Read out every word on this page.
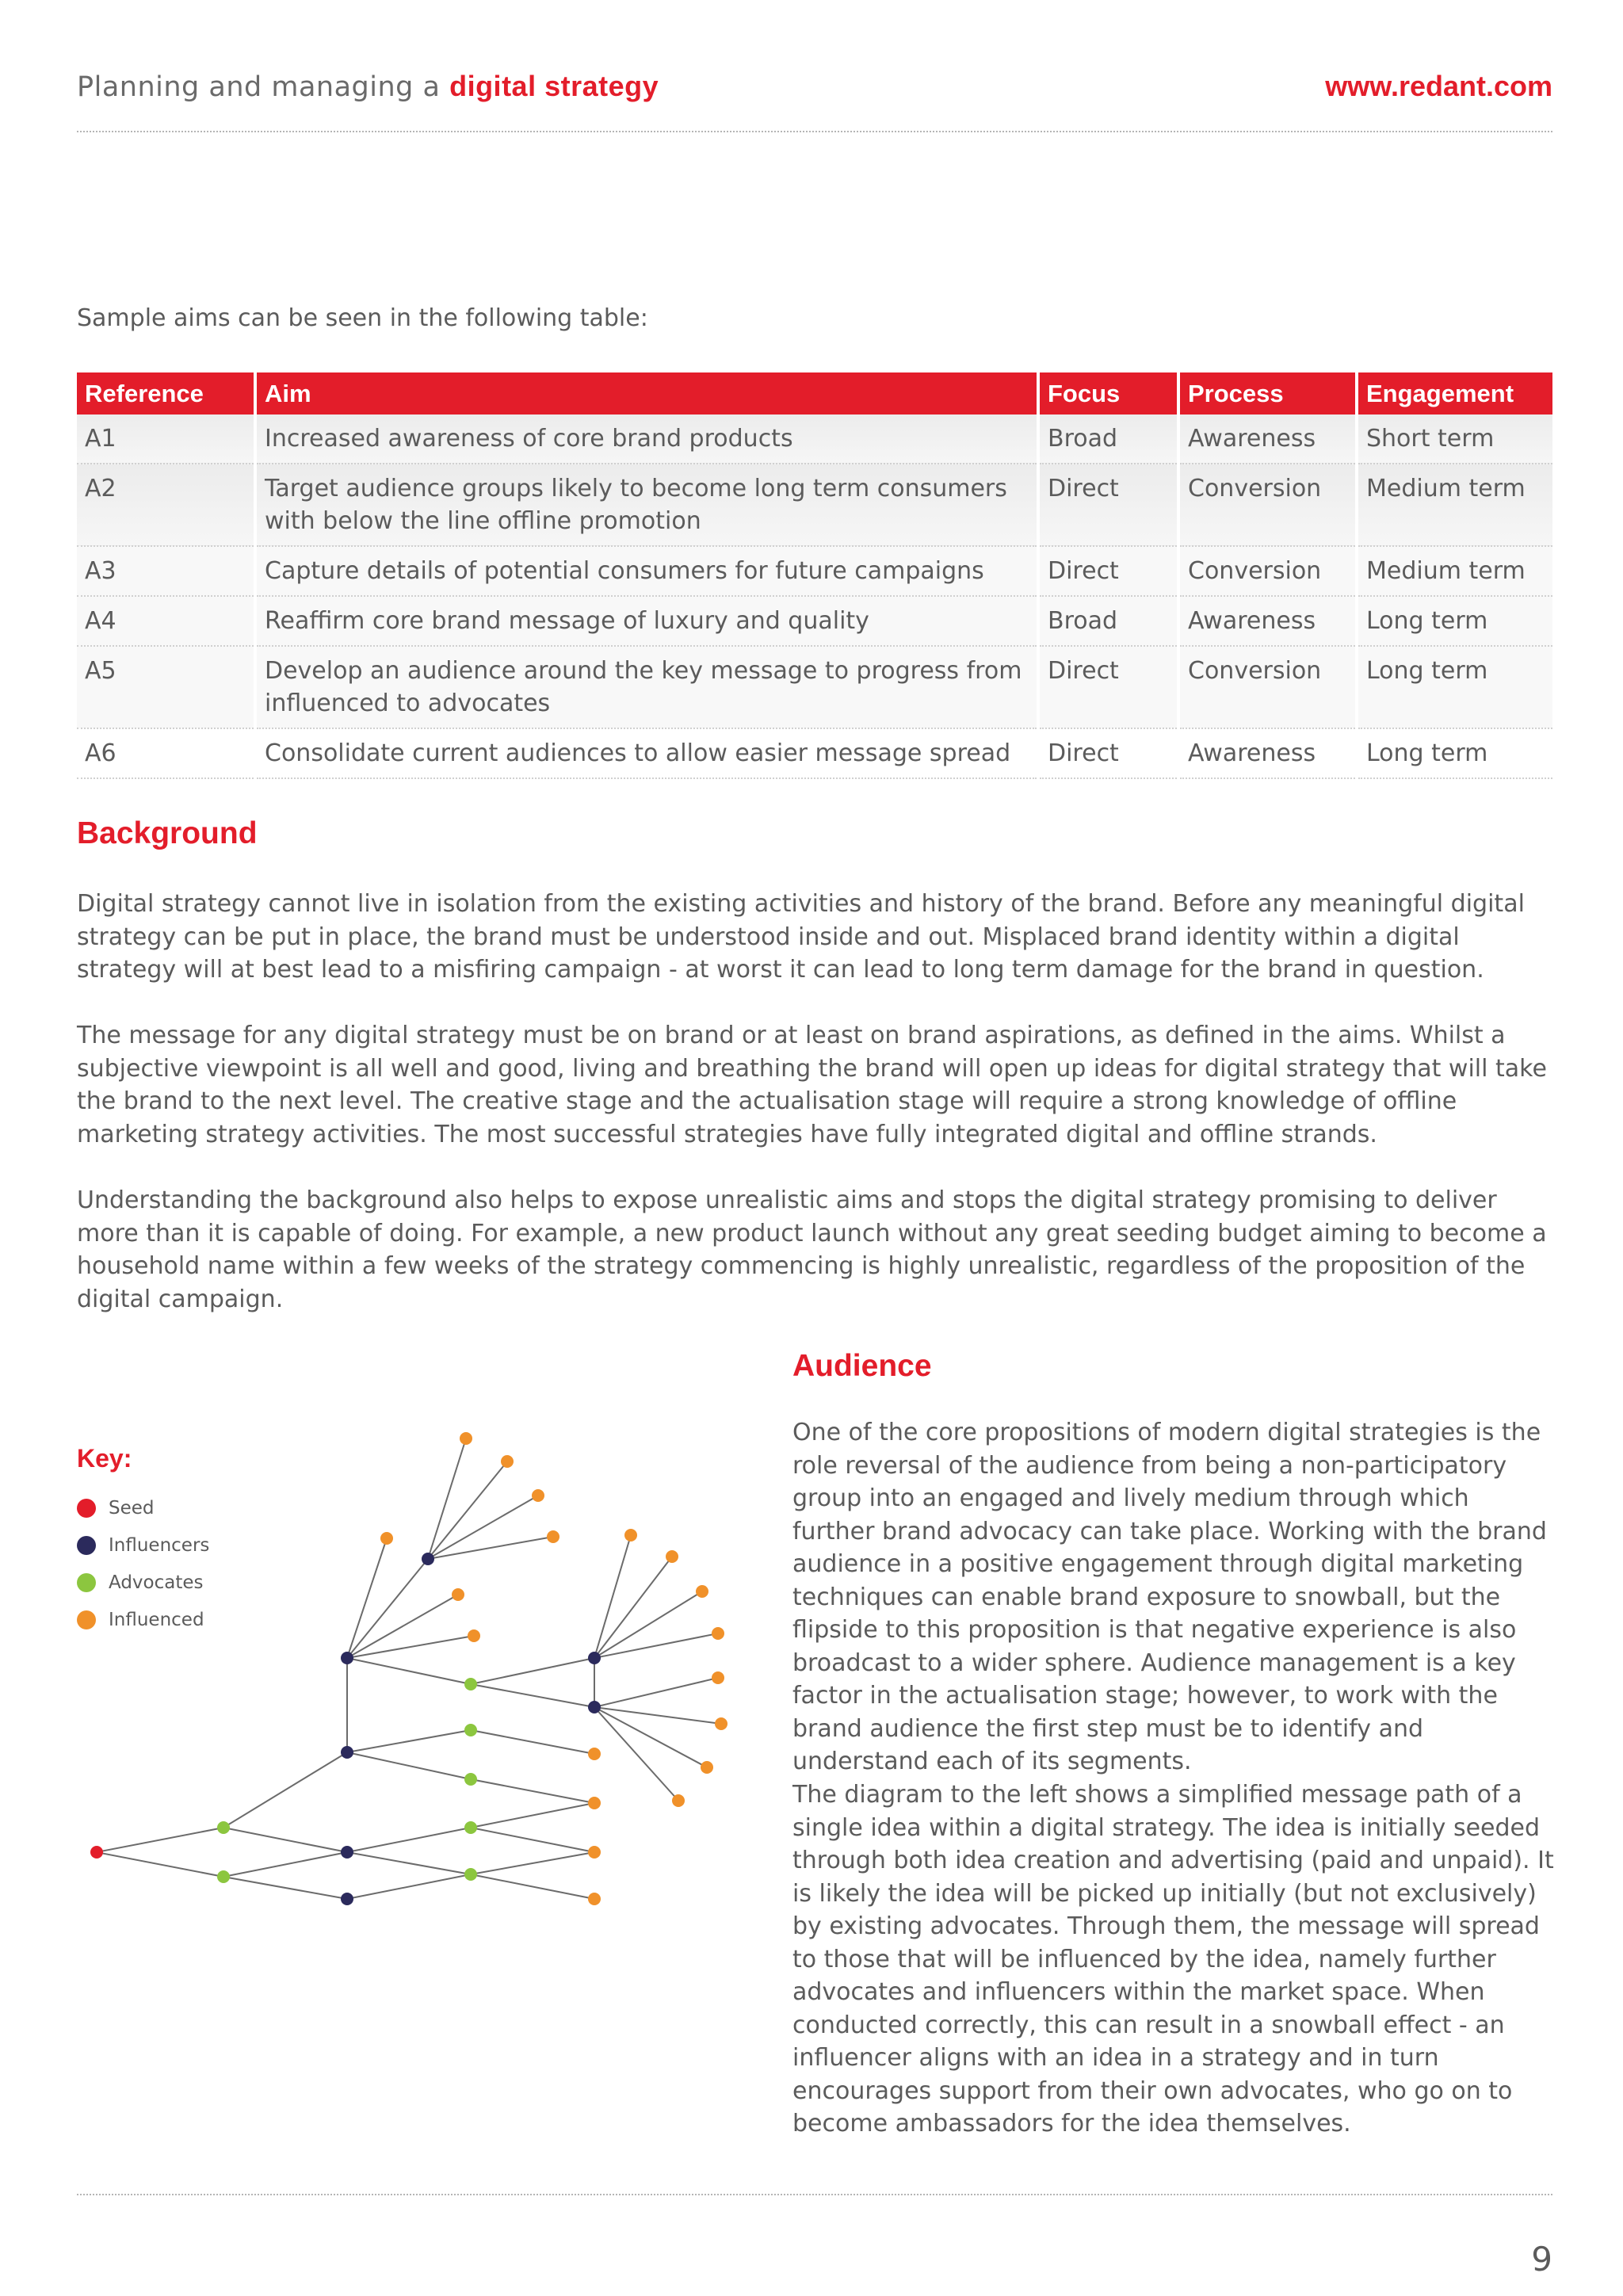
Planning and managing a digital strategy	www.redant.com
Sample aims can be seen in the following table:
Reference	Aim	Focus	Process	Engagement
A1	Increased awareness of core brand products	Broad	Awareness	Short term
A2	Target audience groups likely to become long term consumers with below the line offline promotion	Direct	Conversion	Medium term
A3	Capture details of potential consumers for future campaigns	Direct	Conversion	Medium term
A4	Reaffirm core brand message of luxury and quality	Broad	Awareness	Long term
A5	Develop an audience around the key message to progress from influenced to advocates	Direct	Conversion	Long term
A6	Consolidate current audiences to allow easier message spread	Direct	Awareness	Long term
Background

Digital strategy cannot live in isolation from the existing activities and history of the brand. Before any meaningful digital strategy can be put in place, the brand must be understood inside and out. Misplaced brand identity within a digital strategy will at best lead to a misfiring campaign - at worst it can lead to long term damage for the brand in question.

The message for any digital strategy must be on brand or at least on brand aspirations, as defined in the aims. Whilst a subjective viewpoint is all well and good, living and breathing the brand will open up ideas for digital strategy that will take the brand to the next level. The creative stage and the actualisation stage will require a strong knowledge of offline marketing strategy activities. The most successful strategies have fully integrated digital and offline strands.

Understanding the background also helps to expose unrealistic aims and stops the digital strategy promising to deliver more than it is capable of doing. For example, a new product launch without any great seeding budget aiming to become a household name within a few weeks of the strategy commencing is highly unrealistic, regardless of the proposition of the digital campaign.

Key:
Seed
Influencers
Advocates
Influenced
Audience

One of the core propositions of modern digital strategies is the role reversal of the audience from being a non-participatory group into an engaged and lively medium through which further brand advocacy can take place. Working with the brand audience in a positive engagement through digital marketing techniques can enable brand exposure to snowball, but the flipside to this proposition is that negative experience is also broadcast to a wider sphere. Audience management is a key factor in the actualisation stage; however, to work with the brand audience the first step must be to identify and understand each of its segments.

The diagram to the left shows a simplified message path of a single idea within a digital strategy. The idea is initially seeded through both idea creation and advertising (paid and unpaid). It is likely the idea will be picked up initially (but not exclusively) by existing advocates. Through them, the message will spread to those that will be influenced by the idea, namely further advocates and influencers within the market space. When conducted correctly, this can result in a snowball effect - an influencer aligns with an idea in a strategy and in turn encourages support from their own advocates, who go on to become ambassadors for the idea themselves.

9
